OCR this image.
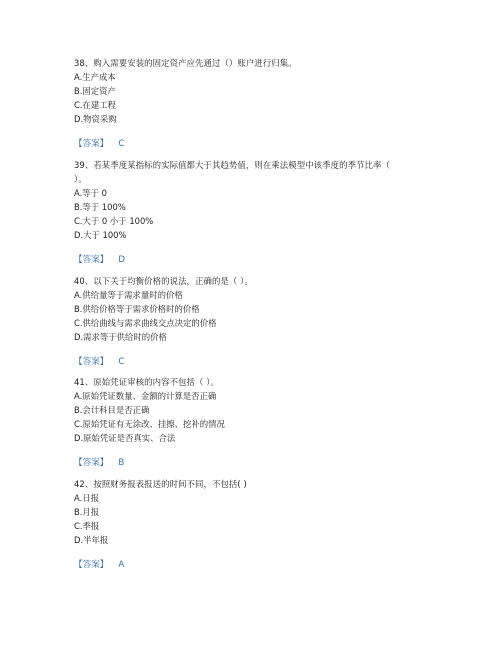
38、购入需要安装的固定资产应先通过（）账户进行归集。

A.生产成本

B.固定资产

C.在建工程

D.物资采购

【答案】 C

39、若某季度某指标的实际值都大于其趋势值，则在乘法模型中该季度的季节比率（

）。

A.等于 0

B.等于 100%

C.大于 0 小于 100%

D.大于 100%

【答案】 D

40、以下关于均衡价格的说法，正确的是（ ）。

A.供给量等于需求量时的价格

B.供给价格等于需求价格时的价格

C.供给曲线与需求曲线交点决定的价格

D.需求等于供给时的价格

【答案】 C

41、原始凭证审核的内容不包括（ ）。

A.原始凭证数量、金额的计算是否正确

B.会计科目是否正确

C.原始凭证有无涂改、挂擦、挖补的情况

D.原始凭证是否真实、合法

【答案】 B

42、按照财务报表报送的时间不同，不包括( )

A.日报

B.月报

C.季报

D.半年报

【答案】 A
